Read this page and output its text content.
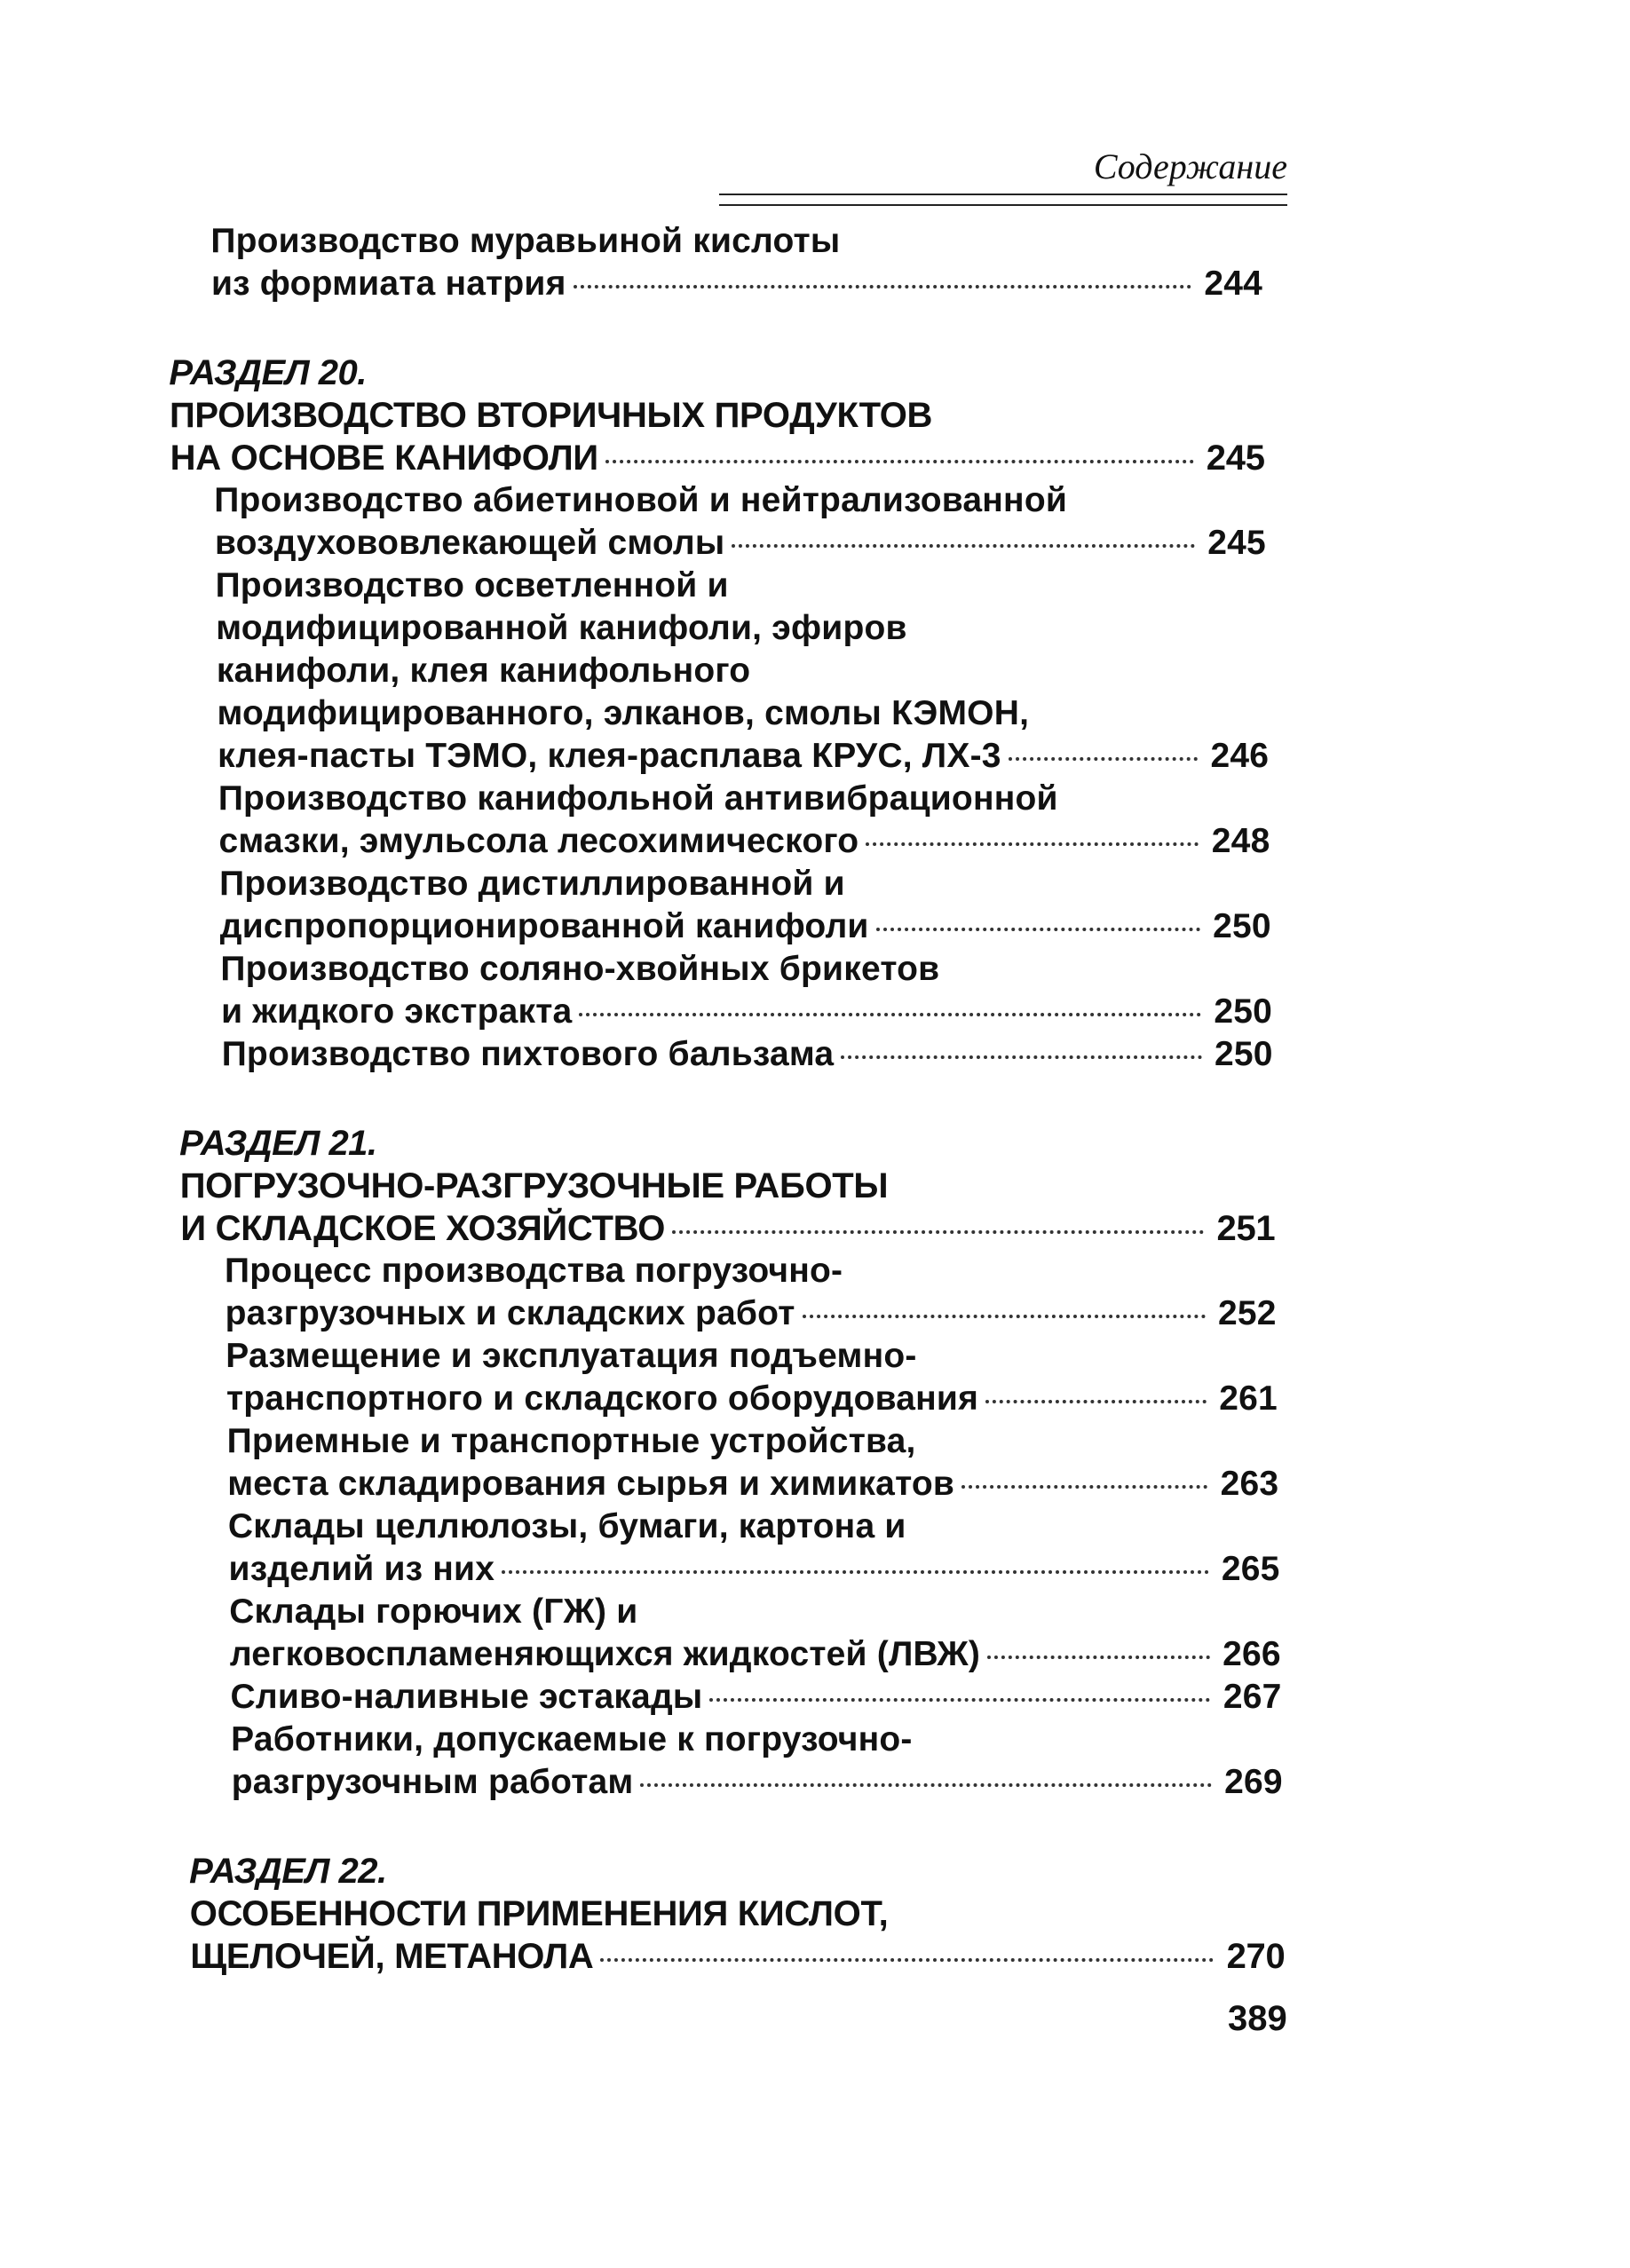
Содержание
Производство муравьиной кислоты
из формиата натрия	244
РАЗДЕЛ 20.
ПРОИЗВОДСТВО ВТОРИЧНЫХ ПРОДУКТОВ
НА ОСНОВЕ КАНИФОЛИ	245
Производство абиетиновой и нейтрализованной
воздухововлекающей смолы	245
Производство осветленной и
модифицированной канифоли, эфиров
канифоли, клея канифольного
модифицированного, элканов, смолы КЭМОН,
клея-пасты ТЭМО, клея-расплава КРУС, ЛХ-3	246
Производство канифольной антивибрационной
смазки, эмульсола лесохимического	248
Производство дистиллированной и
диспропорционированной канифоли	250
Производство соляно-хвойных брикетов
и жидкого экстракта	250
Производство пихтового бальзама	250
РАЗДЕЛ 21.
ПОГРУЗОЧНО-РАЗГРУЗОЧНЫЕ РАБОТЫ
И СКЛАДСКОЕ ХОЗЯЙСТВО	251
Процесс производства погрузочно-
разгрузочных и складских работ	252
Размещение и эксплуатация подъемно-
транспортного и складского оборудования	261
Приемные и транспортные устройства,
места складирования сырья и химикатов	263
Склады целлюлозы, бумаги, картона и
изделий из них	265
Склады горючих (ГЖ) и
легковоспламеняющихся жидкостей (ЛВЖ)	266
Сливо-наливные эстакады	267
Работники, допускаемые к погрузочно-
разгрузочным работам	269
РАЗДЕЛ 22.
ОСОБЕННОСТИ ПРИМЕНЕНИЯ КИСЛОТ,
ЩЕЛОЧЕЙ, МЕТАНОЛА	270
389
